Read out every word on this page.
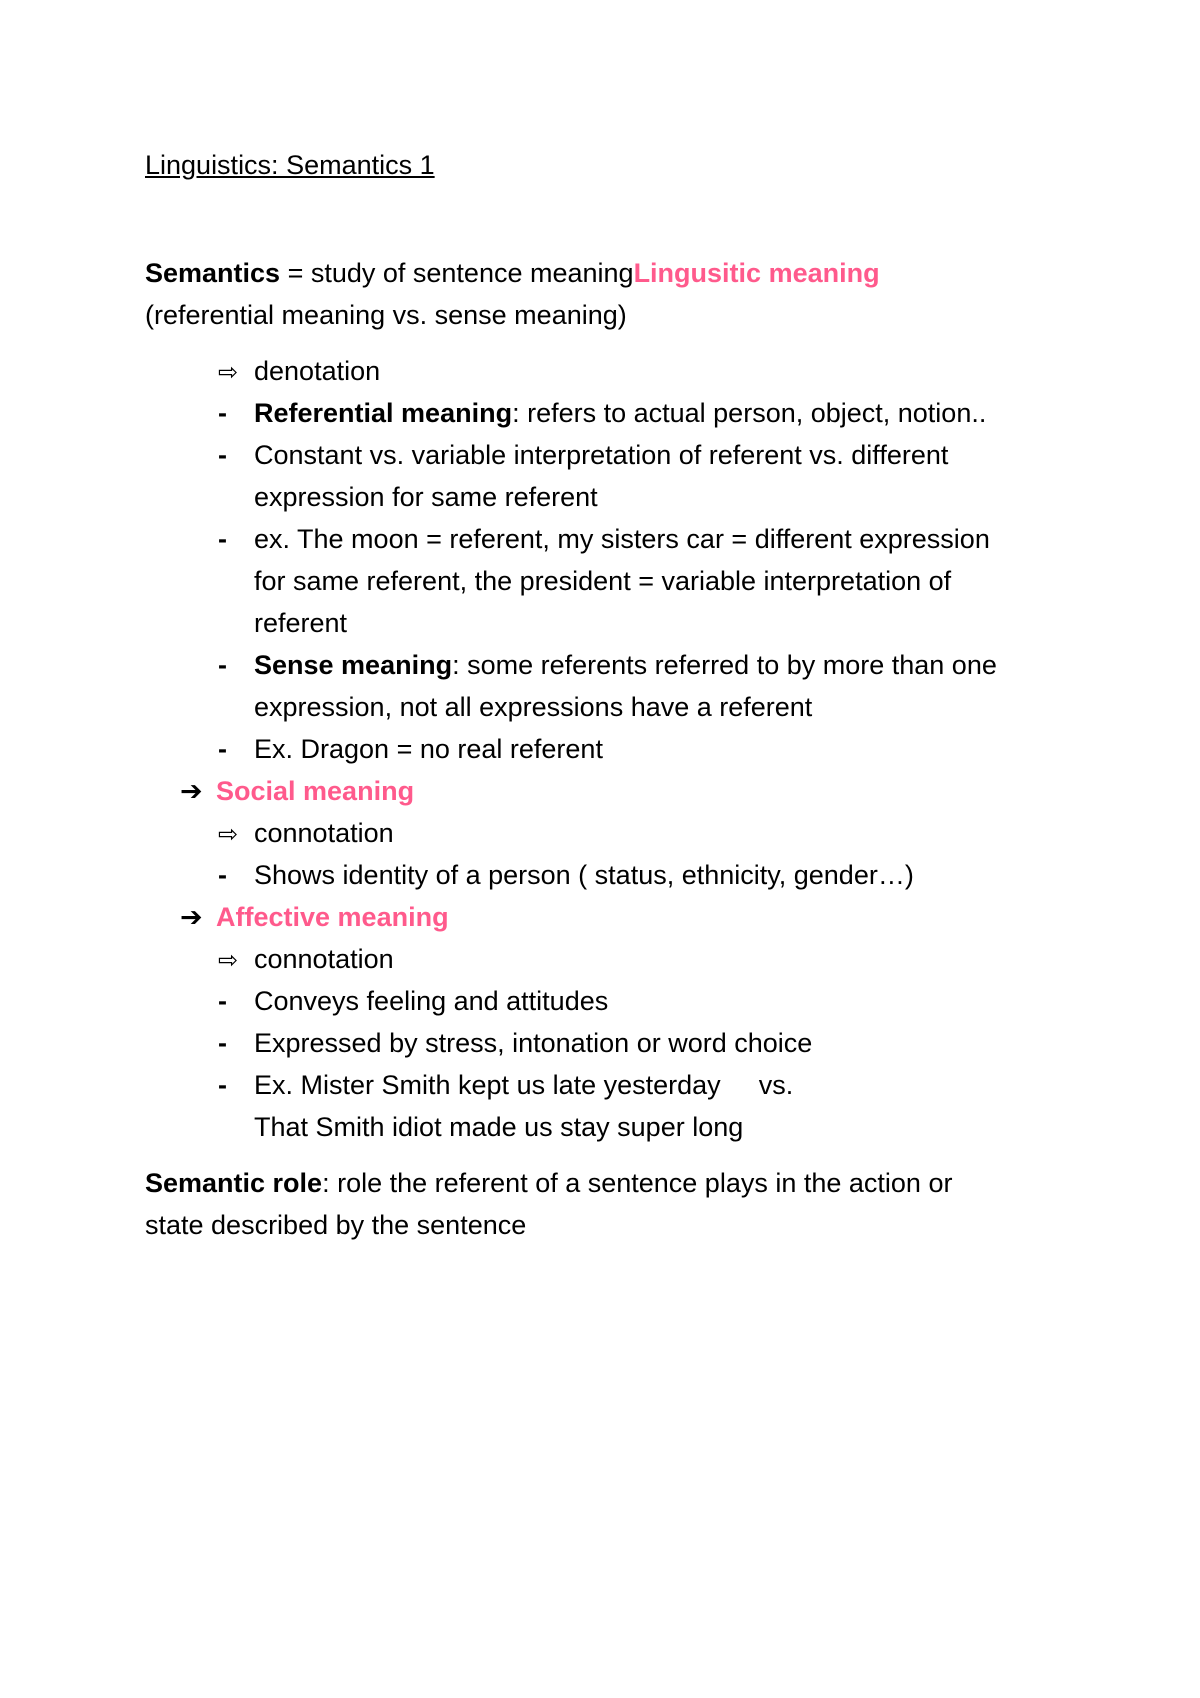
Linguistics: Semantics 1
Semantics = study of sentence meaningLingusitic meaning
(referential meaning vs. sense meaning)
⇨ denotation
- Referential meaning: refers to actual person, object, notion..
- Constant vs. variable interpretation of referent vs. different
expression for same referent
- ex. The moon = referent, my sisters car = different expression
for same referent, the president = variable interpretation of
referent
- Sense meaning: some referents referred to by more than one
expression, not all expressions have a referent
- Ex. Dragon = no real referent
➔ Social meaning
⇨ connotation
- Shows identity of a person ( status, ethnicity, gender…)
➔ Affective meaning
⇨ connotation
- Conveys feeling and attitudes
- Expressed by stress, intonation or word choice
- Ex. Mister Smith kept us late yesterday vs.
That Smith idiot made us stay super long
Semantic role: role the referent of a sentence plays in the action or
state described by the sentence
